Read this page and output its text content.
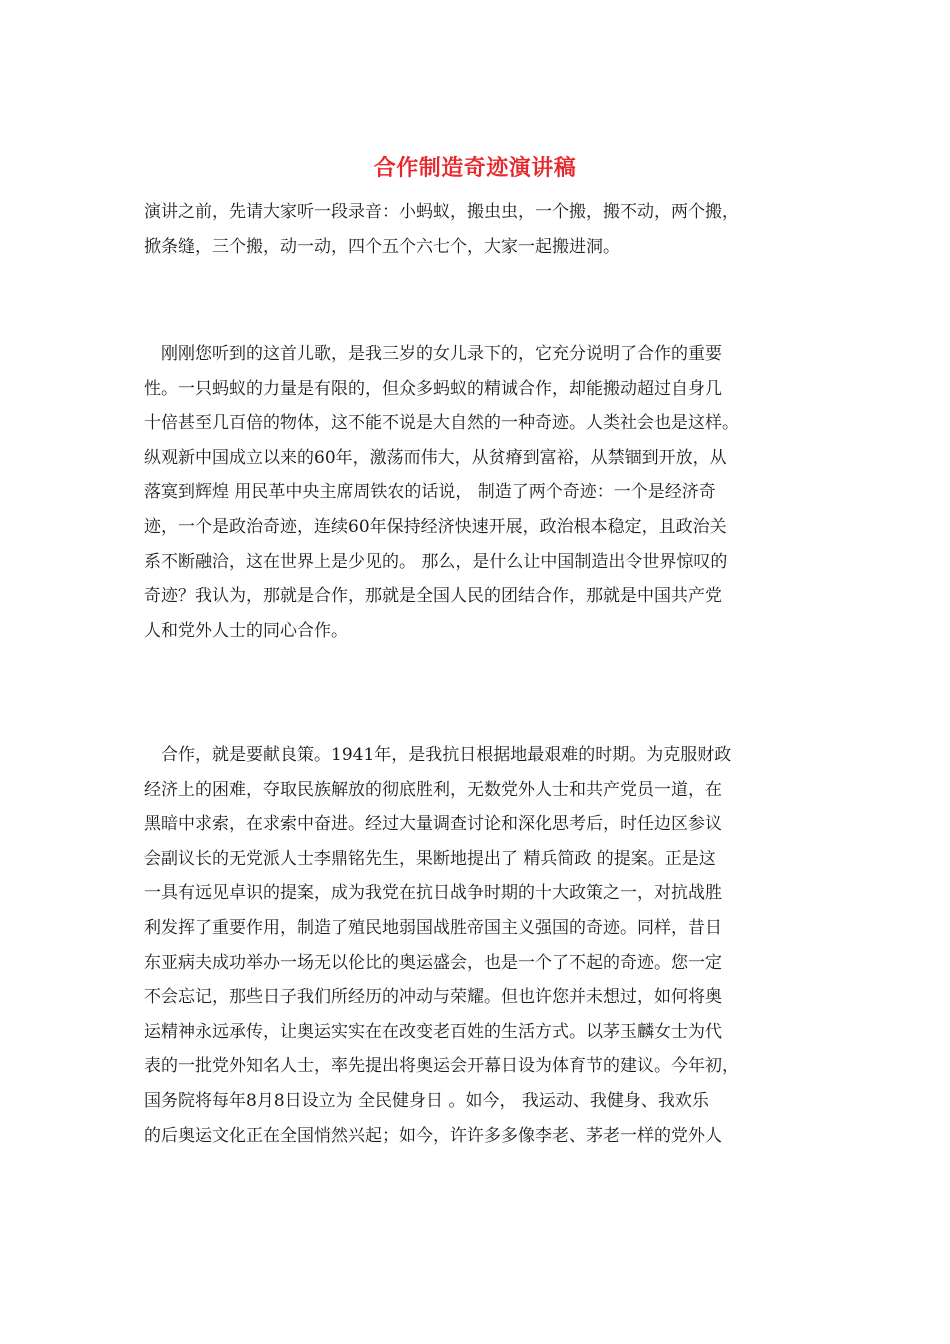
合作制造奇迹演讲稿
演讲之前，先请大家听一段录音：小蚂蚁，搬虫虫，一个搬，搬不动，两个搬，
掀条缝，三个搬，动一动，四个五个六七个，大家一起搬进洞。
　刚刚您听到的这首儿歌，是我三岁的女儿录下的，它充分说明了合作的重要
性。一只蚂蚁的力量是有限的，但众多蚂蚁的精诚合作，却能搬动超过自身几
十倍甚至几百倍的物体，这不能不说是大自然的一种奇迹。人类社会也是这样。
纵观新中国成立以来的60年，激荡而伟大，从贫瘠到富裕，从禁锢到开放，从
落寞到辉煌 用民革中央主席周铁农的话说， 制造了两个奇迹：一个是经济奇
迹，一个是政治奇迹，连续60年保持经济快速开展，政治根本稳定，且政治关
系不断融洽，这在世界上是少见的。 那么，是什么让中国制造出令世界惊叹的
奇迹？我认为，那就是合作，那就是全国人民的团结合作，那就是中国共产党
人和党外人士的同心合作。
　合作，就是要献良策。1941年，是我抗日根据地最艰难的时期。为克服财政
经济上的困难，夺取民族解放的彻底胜利，无数党外人士和共产党员一道，在
黑暗中求索，在求索中奋进。经过大量调查讨论和深化思考后，时任边区参议
会副议长的无党派人士李鼎铭先生，果断地提出了 精兵简政 的提案。正是这
一具有远见卓识的提案，成为我党在抗日战争时期的十大政策之一，对抗战胜
利发挥了重要作用，制造了殖民地弱国战胜帝国主义强国的奇迹。同样，昔日
东亚病夫成功举办一场无以伦比的奥运盛会，也是一个了不起的奇迹。您一定
不会忘记，那些日子我们所经历的冲动与荣耀。但也许您并未想过，如何将奥
运精神永远承传，让奥运实实在在改变老百姓的生活方式。以茅玉麟女士为代
表的一批党外知名人士，率先提出将奥运会开幕日设为体育节的建议。今年初，
国务院将每年8月8日设立为 全民健身日 。如今， 我运动、我健身、我欢乐
的后奥运文化正在全国悄然兴起；如今，许许多多像李老、茅老一样的党外人
